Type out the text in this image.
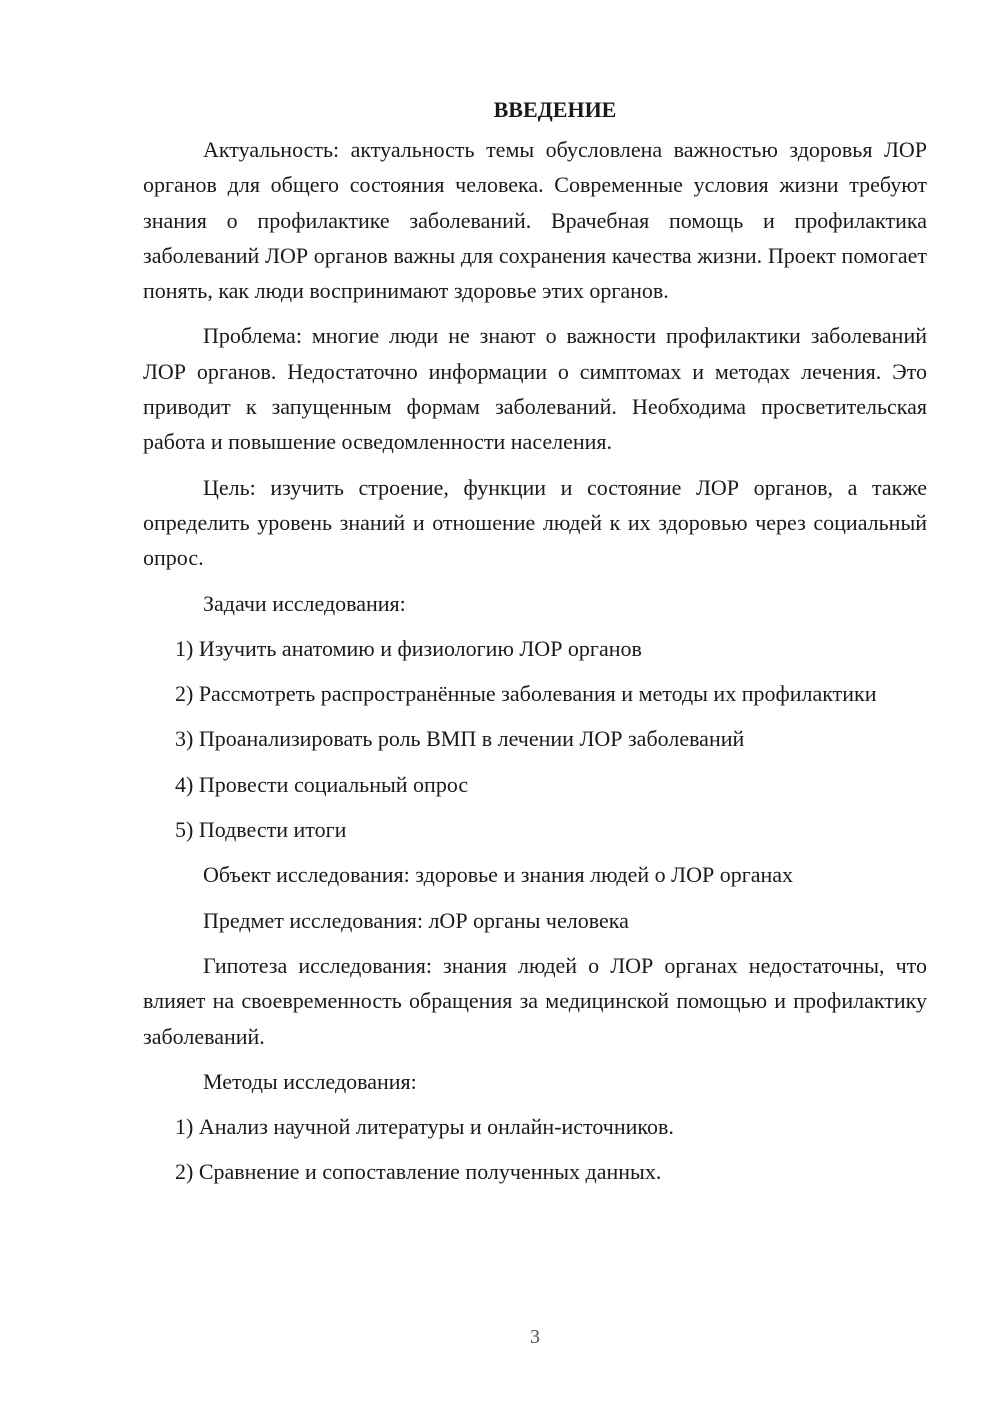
ВВЕДЕНИЕ

Актуальность: актуальность темы обусловлена важностью здоровья ЛОР органов для общего состояния человека. Современные условия жизни требуют знания о профилактике заболеваний. Врачебная помощь и профилактика заболеваний ЛОР органов важны для сохранения качества жизни. Проект помогает понять, как люди воспринимают здоровье этих органов.

Проблема: многие люди не знают о важности профилактики заболеваний ЛОР органов. Недостаточно информации о симптомах и методах лечения. Это приводит к запущенным формам заболеваний. Необходима просветительская работа и повышение осведомленности населения.

Цель: изучить строение, функции и состояние ЛОР органов, а также определить уровень знаний и отношение людей к их здоровью через социальный опрос.

Задачи исследования:

1) Изучить анатомию и физиологию ЛОР органов

2) Рассмотреть распространённые заболевания и методы их профилактики

3) Проанализировать роль ВМП в лечении ЛОР заболеваний

4) Провести социальный опрос

5) Подвести итоги

Объект исследования: здоровье и знания людей о ЛОР органах

Предмет исследования: лОР органы человека

Гипотеза исследования: знания людей о ЛОР органах недостаточны, что влияет на своевременность обращения за медицинской помощью и профилактику заболеваний.

Методы исследования:

1) Анализ научной литературы и онлайн-источников.

2) Сравнение и сопоставление полученных данных.

3
